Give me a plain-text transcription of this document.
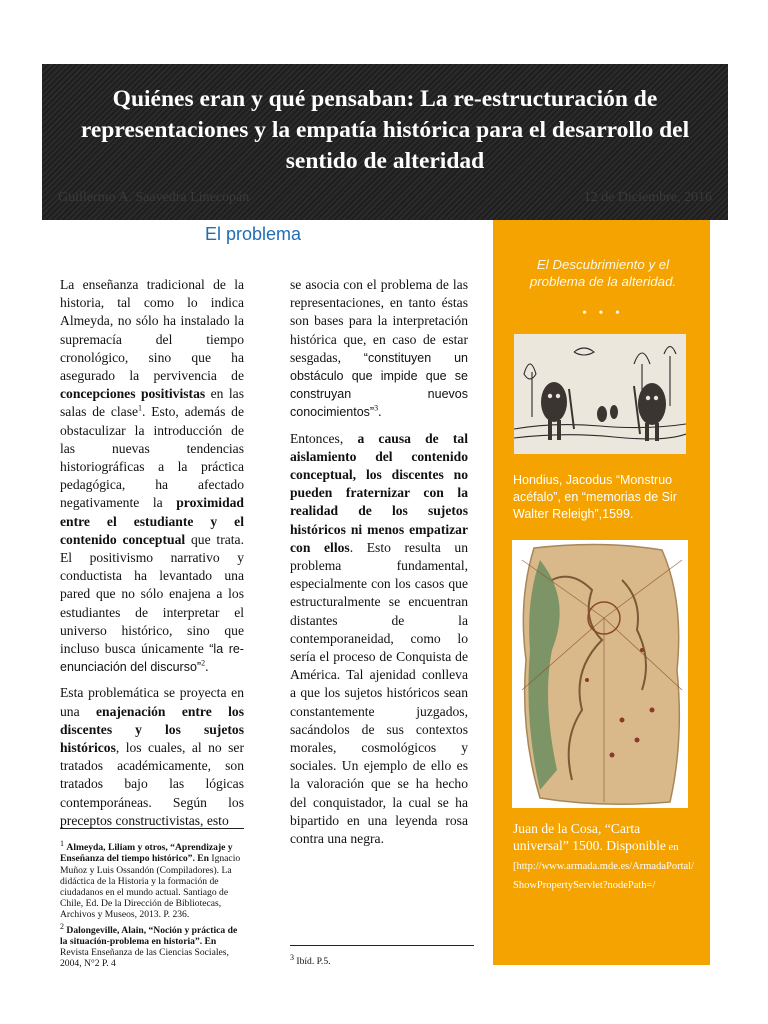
Quiénes eran y qué pensaban: La re-estructuración de representaciones y la empatía histórica para el desarrollo del sentido de alteridad
Guillermo A. Saavedra Linecopán	12 de Diciembre, 2016
El problema

La enseñanza tradicional de la historia, tal como lo indica Almeyda, no sólo ha instalado la supremacía del tiempo cronológico, sino que ha asegurado la pervivencia de concepciones positivistas en las salas de clase$^1$. Esto, además de obstaculizar la introducción de las nuevas tendencias historiográficas a la práctica pedagógica, ha afectado negativamente la proximidad entre el estudiante y el contenido conceptual que trata. El positivismo narrativo y conductista ha levantado una pared que no sólo enajena a los estudiantes de interpretar el universo histórico, sino que incluso busca únicamente “la re-enunciación del discurso”$^2$.

Esta problemática se proyecta en una enajenación entre los discentes y los sujetos históricos, los cuales, al no ser tratados académicamente, son tratados bajo las lógicas contemporáneas. Según los preceptos constructivistas, esto

se asocia con el problema de las representaciones, en tanto éstas son bases para la interpretación histórica que, en caso de estar sesgadas, “constituyen un obstáculo que impide que se construyan nuevos conocimientos”$^3$.

Entonces, a causa de tal aislamiento del contenido conceptual, los discentes no pueden fraternizar con la realidad de los sujetos históricos ni menos empatizar con ellos. Esto resulta un problema fundamental, especialmente con los casos que estructuralmente se encuentran distantes de la contemporaneidad, como lo sería el proceso de Conquista de América. Tal ajenidad conlleva a que los sujetos históricos sean constantemente juzgados, sacándolos de sus contextos morales, cosmológicos y sociales. Un ejemplo de ello es la valoración que se ha hecho del conquistador, la cual se ha bipartido en una leyenda rosa contra una negra.

$^1$ Almeyda, Liliam y otros, “Aprendizaje y Enseñanza del tiempo histórico”. En Ignacio Muñoz y Luis Ossandón (Compiladores). La didáctica de la Historia y la formación de ciudadanos en el mundo actual. Santiago de Chile, Ed. De la Dirección de Bibliotecas, Archivos y Museos, 2013. P. 236.

$^2$ Dalongeville, Alain, “Noción y práctica de la situación-problema en historia”. En Revista Enseñanza de las Ciencias Sociales, 2004, N°2 P. 4

$^3$ Ibíd. P.5.

El Descubrimiento y el problema de la alteridad.
• • •
Hondius, Jacodus “Monstruo acéfalo”, en “memorias de Sir Walter Releigh”,1599.
Juan de la Cosa, “Carta universal” 1500. Disponible en
[http://www.armada.mde.es/ArmadaPortal/ShowPropertyServlet?nodePath=/
